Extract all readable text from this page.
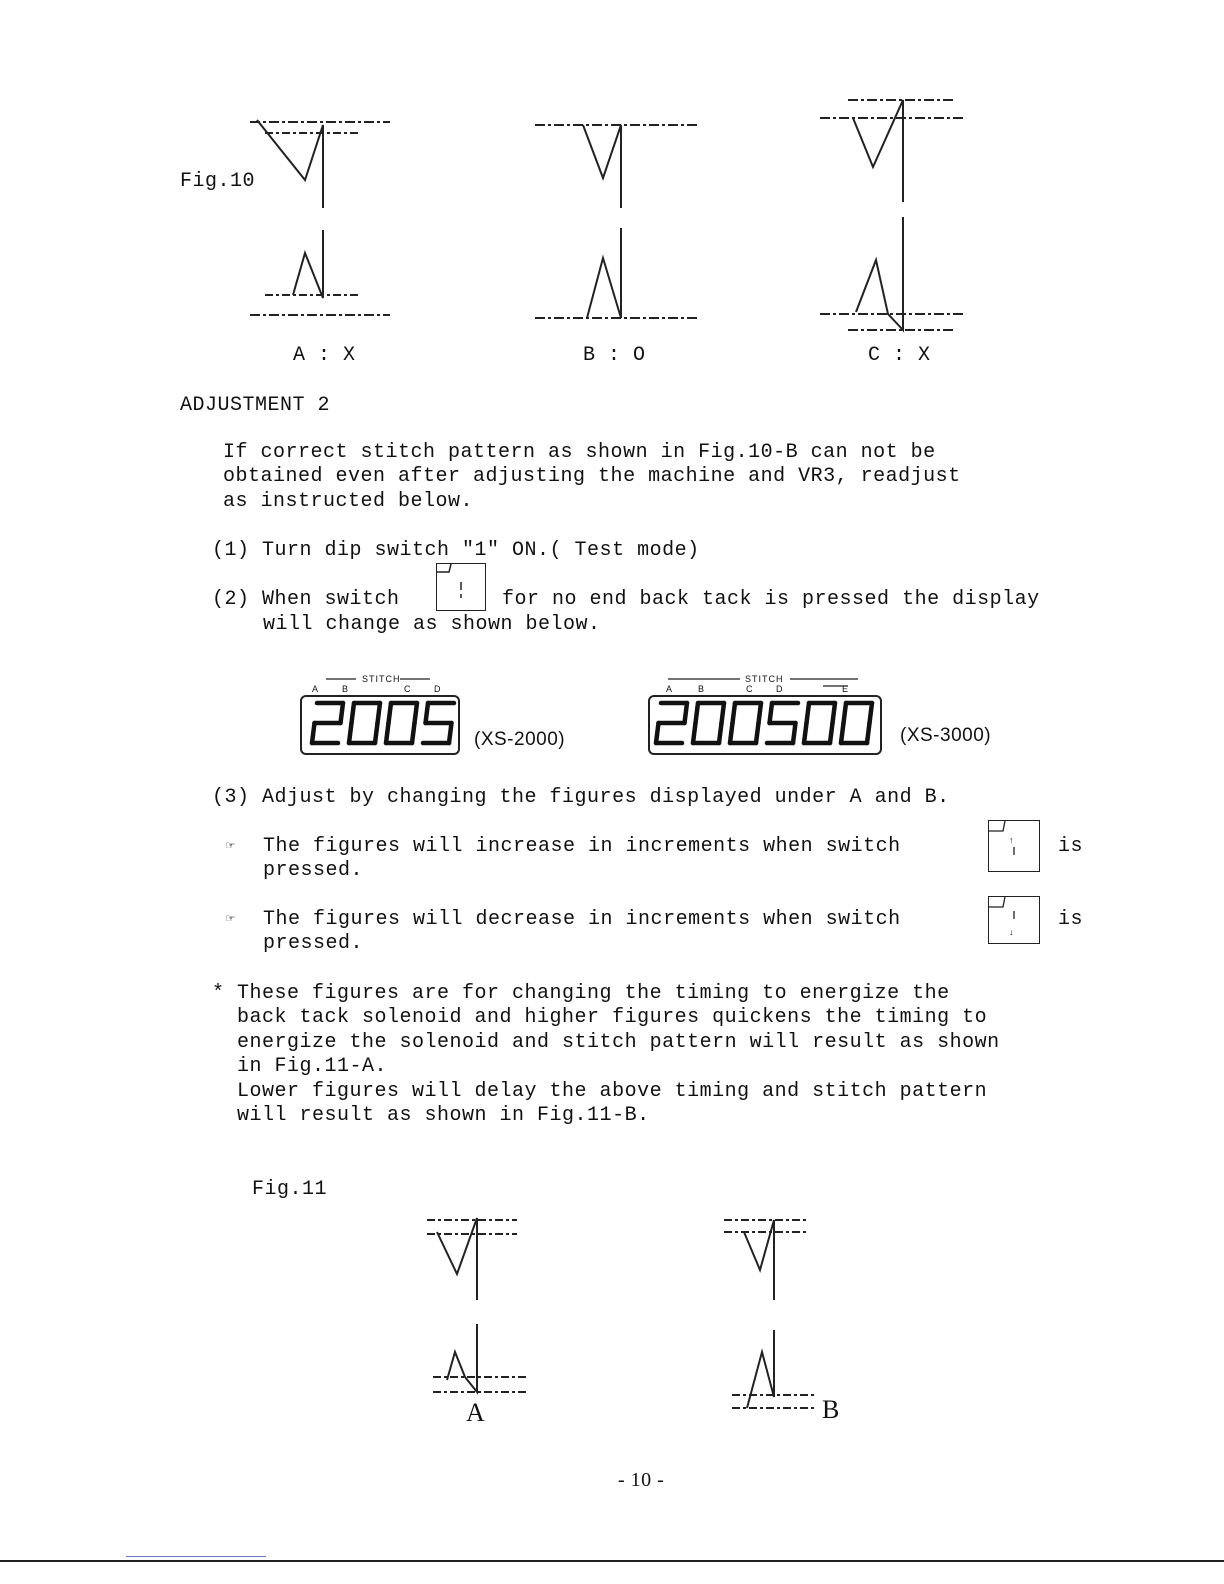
Fig.10
A : X	B : O	C : X
ADJUSTMENT 2
If correct stitch pattern as shown in Fig.10-B can not be
obtained even after adjusting the machine and VR3, readjust
as instructed below.
(1) Turn dip switch "1" ON.( Test mode)
(2) When switch	for no end back tack is pressed the display
will change as shown below.
STITCH
A	B	C	D
(XS-2000)
STITCH
A	B	C	D	E
(XS-3000)
(3) Adjust by changing the figures displayed under A and B.
☞ The figures will increase in increments when switch
pressed.
↑ is
☞ The figures will decrease in increments when switch
pressed.	↓
is
* These figures are for changing the timing to energize the
back tack solenoid and higher figures quickens the timing to
energize the solenoid and stitch pattern will result as shown
in Fig.11-A.
Lower figures will delay the above timing and stitch pattern
will result as shown in Fig.11-B.
Fig.11
A	B
- 10 -
